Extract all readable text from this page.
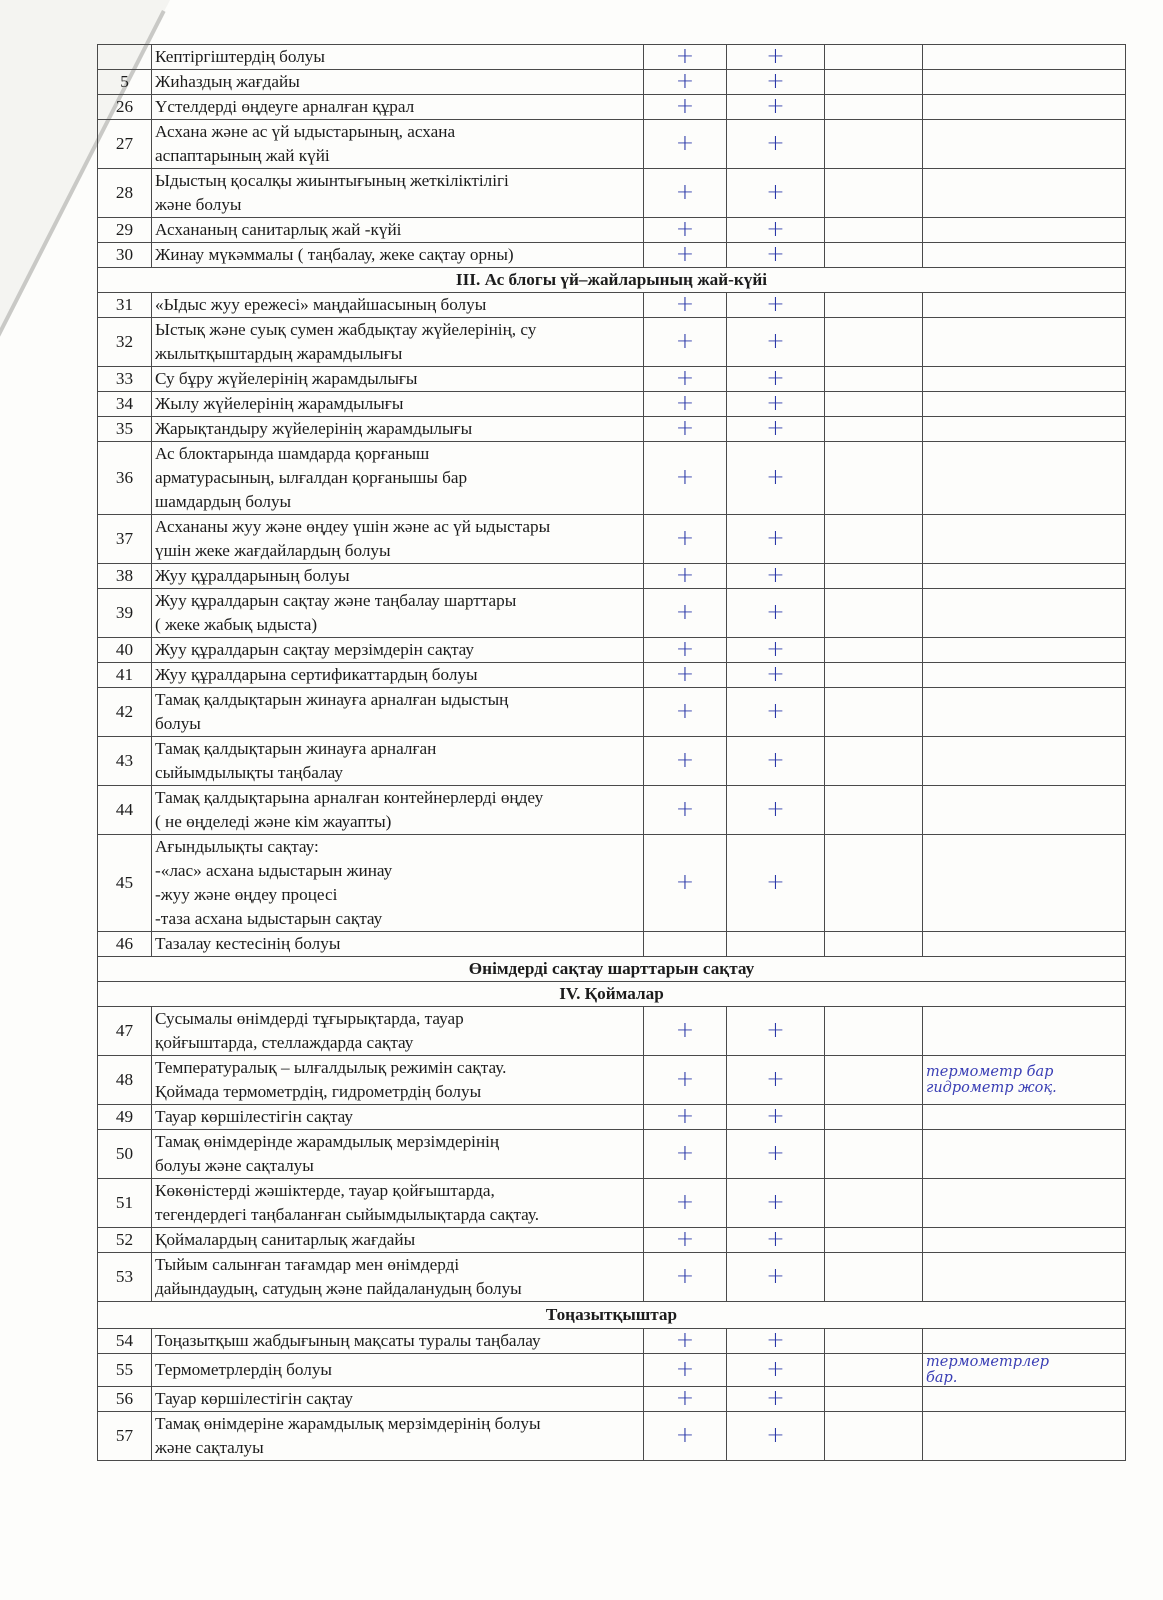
	Кептіргіштердің болуы	+	+		
5	Жиһаздың жағдайы	+	+		
26	Үстелдерді өңдеуге арналған құрал	+	+		
27	Асхана және ас үй ыдыстарының, асхана
аспаптарының жай күйі	+	+		
28	Ыдыстың қосалқы жиынтығының жеткіліктілігі
және болуы	+	+		
29	Асхананың санитарлық жай -күйі	+	+		
30	Жинау мүкәммалы ( таңбалау, жеке сақтау орны)	+	+		
III. Ас блогы үй–жайларының жай-күйі					
31	«Ыдыс жуу ережесі» маңдайшасының болуы	+	+		
32	Ыстық және суық сумен жабдықтау жүйелерінің, су
жылытқыштардың жарамдылығы	+	+		
33	Су бұру жүйелерінің жарамдылығы	+	+		
34	Жылу жүйелерінің жарамдылығы	+	+		
35	Жарықтандыру жүйелерінің жарамдылығы	+	+		
36	Ас блоктарында шамдарда қорғаныш
арматурасының, ылғалдан қорғанышы бар
шамдардың болуы	+	+		
37	Асхананы жуу және өңдеу үшін және ас үй ыдыстары
үшін жеке жағдайлардың болуы	+	+		
38	Жуу құралдарының болуы	+	+		
39	Жуу құралдарын сақтау және таңбалау шарттары
( жеке жабық ыдыста)	+	+		
40	Жуу құралдарын сақтау мерзімдерін сақтау	+	+		
41	Жуу құралдарына сертификаттардың болуы	+	+		
42	Тамақ қалдықтарын жинауға арналған ыдыстың
болуы	+	+		
43	Тамақ қалдықтарын жинауға арналған
сыйымдылықты таңбалау	+	+		
44	Тамақ қалдықтарына арналған контейнерлерді өңдеу
( не өңделеді және кім жауапты)	+	+		
45	Ағындылықты сақтау:
-«лас» асхана ыдыстарын жинау
-жуу және өңдеу процесі
-таза асхана ыдыстарын сақтау	+	+		
46	Тазалау кестесінің болуы				

Өнімдерді сақтау шарттарын сақтау					
IV. Қоймалар					
47	Сусымалы өнімдерді тұғырықтарда, тауар
қойғыштарда, стеллаждарда сақтау	+	+		
48	Температуралық – ылғалдылық режимін сақтау.
Қоймада термометрдің, гидрометрдің болуы	+	+		термометр бар
гидрометр жоқ.

49	Тауар көршілестігін сақтау	+	+		
50	Тамақ өнімдерінде жарамдылық мерзімдерінің
болуы және сақталуы	+	+		
51	Көкөністерді жәшіктерде, тауар қойғыштарда,
тегендердегі таңбаланған сыйымдылықтарда сақтау.	+	+		
52	Қоймалардың санитарлық жағдайы	+	+		
53	Тыйым салынған тағамдар мен өнімдерді
дайындаудың, сатудың және пайдаланудың болуы	+	+		
Тоңазытқыштар					
54	Тоңазытқыш жабдығының мақсаты туралы таңбалау	+	+		
55	Термометрлердің болуы	+	+		термометрлер
бар.

56	Тауар көршілестігін сақтау	+	+		
57	Тамақ өнімдеріне жарамдылық мерзімдерінің болуы
және сақталуы	+	+		
